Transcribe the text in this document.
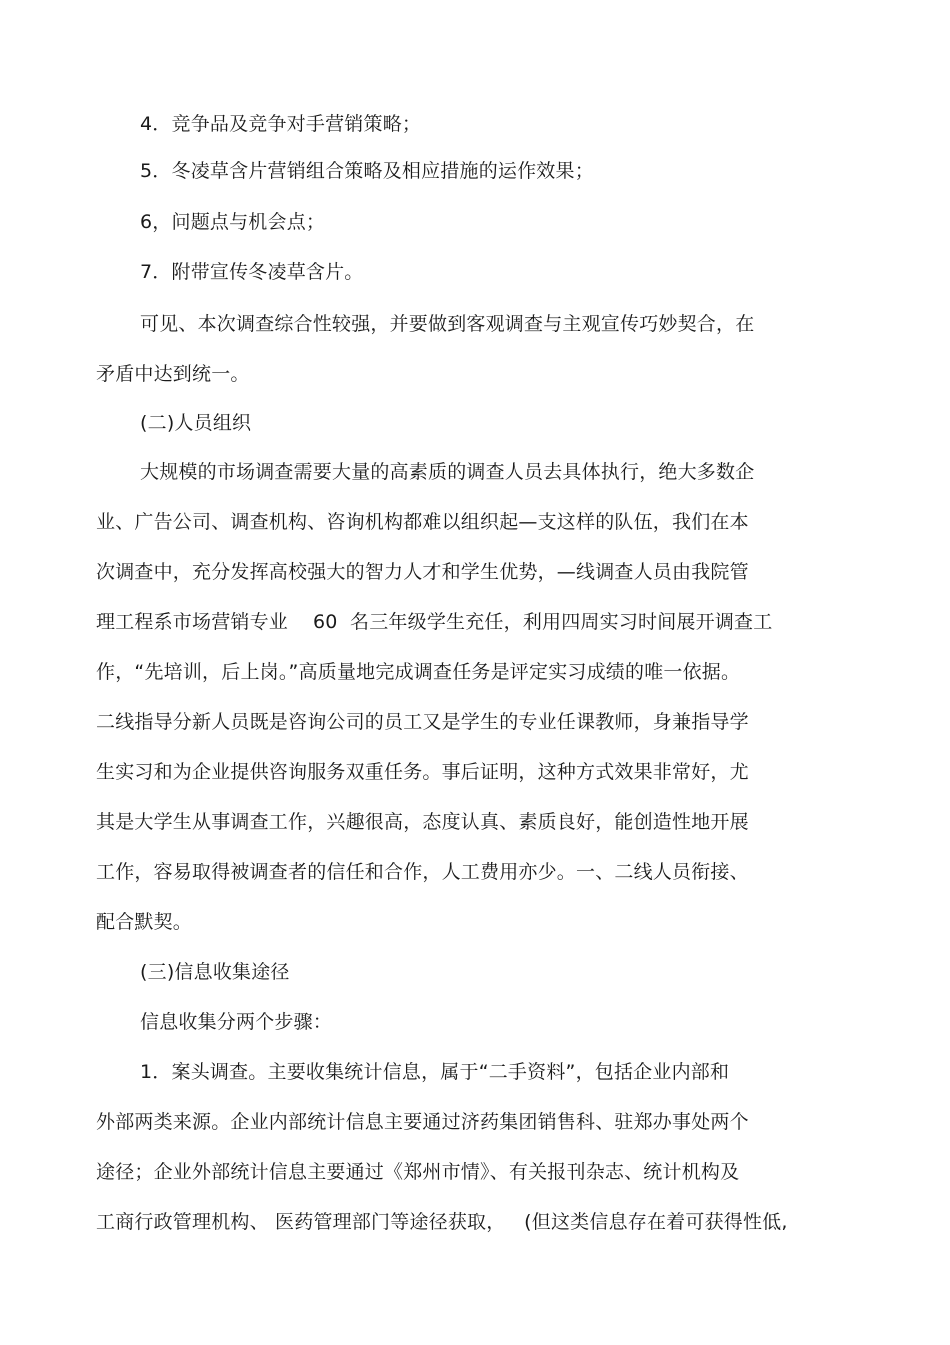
4．竞争品及竞争对手营销策略；
5．冬凌草含片营销组合策略及相应措施的运作效果；
6，问题点与机会点；
7．附带宣传冬凌草含片。
可见、本次调查综合性较强，并要做到客观调查与主观宣传巧妙契合，在
矛盾中达到统一。
(二)人员组织
大规模的市场调查需要大量的高素质的调查人员去具体执行，绝大多数企
业、广告公司、调查机构、咨询机构都难以组织起—支这样的队伍，我们在本
次调查中，充分发挥高校强大的智力人才和学生优势，—线调查人员由我院管
理工程系市场营销专业    60  名三年级学生充任，利用四周实习时间展开调查工
作，“先培训，后上岗。”高质量地完成调查任务是评定实习成绩的唯一依据。
二线指导分新人员既是咨询公司的员工又是学生的专业任课教师，身兼指导学
生实习和为企业提供咨询服务双重任务。事后证明，这种方式效果非常好，尤
其是大学生从事调查工作，兴趣很高，态度认真、素质良好，能创造性地开展
工作，容易取得被调查者的信任和合作，人工费用亦少。一、二线人员衔接、
配合默契。
(三)信息收集途径
信息收集分两个步骤：
1．案头调查。主要收集统计信息，属于“二手资料”，包括企业内部和
外部两类来源。企业内部统计信息主要通过济药集团销售科、驻郑办事处两个
途径；企业外部统计信息主要通过《郑州市情》、有关报刊杂志、统计机构及
工商行政管理机构、 医药管理部门等途径获取，   (但这类信息存在着可获得性低,
